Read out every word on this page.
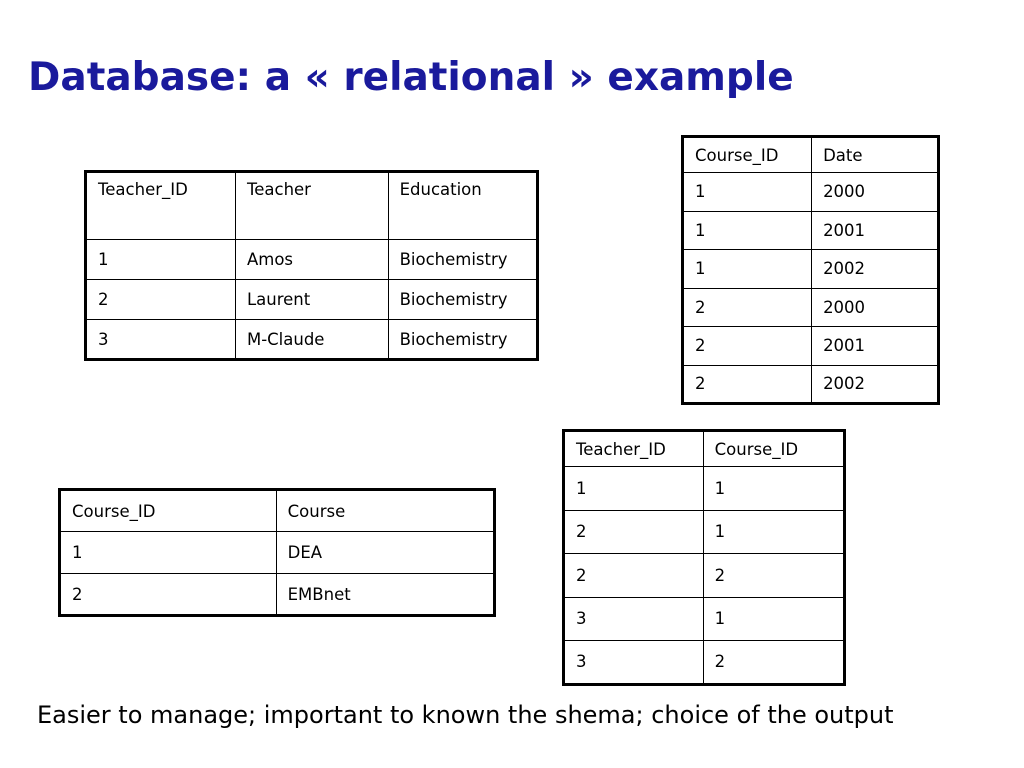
Database: a « relational » example
Teacher_ID	Teacher	Education
1	Amos	Biochemistry
2	Laurent	Biochemistry
3	M-Claude	Biochemistry
Course_ID	Date
1	2000
1	2001
1	2002
2	2000
2	2001
2	2002
Teacher_ID	Course_ID
1	1
2	1
2	2
3	1
3	2
Course_ID	Course
1	DEA
2	EMBnet

Easier to manage; important to known the shema; choice of the output
